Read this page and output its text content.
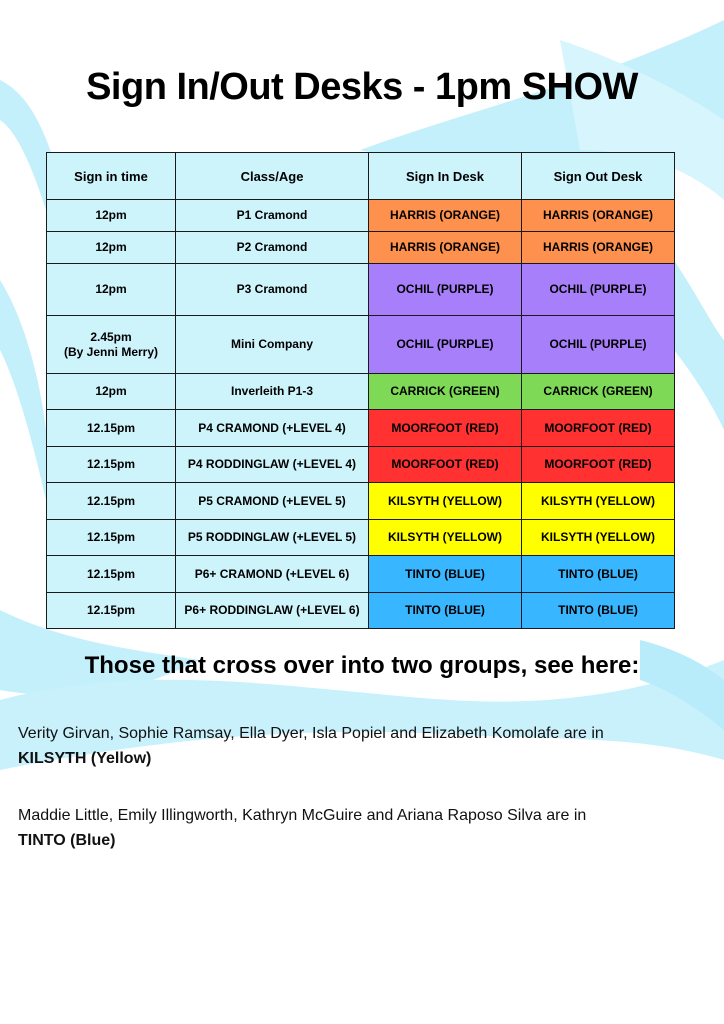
Sign In/Out Desks - 1pm SHOW
Sign in time	Class/Age	Sign In Desk	Sign Out Desk
12pm	P1 Cramond	HARRIS (ORANGE)	HARRIS (ORANGE)
12pm	P2 Cramond	HARRIS (ORANGE)	HARRIS (ORANGE)
12pm	P3 Cramond	OCHIL (PURPLE)	OCHIL (PURPLE)

2.45pm
(By Jenni Merry)	Mini Company	OCHIL (PURPLE)	OCHIL (PURPLE)
12pm	Inverleith P1-3	CARRICK (GREEN)	CARRICK (GREEN)
12.15pm	P4 CRAMOND (+LEVEL 4)	MOORFOOT (RED)	MOORFOOT (RED)
12.15pm	P4 RODDINGLAW (+LEVEL 4)	MOORFOOT (RED)	MOORFOOT (RED)
12.15pm	P5 CRAMOND (+LEVEL 5)	KILSYTH (YELLOW)	KILSYTH (YELLOW)
12.15pm	P5 RODDINGLAW (+LEVEL 5)	KILSYTH (YELLOW)	KILSYTH (YELLOW)
12.15pm	P6+ CRAMOND (+LEVEL 6)	TINTO (BLUE)	TINTO (BLUE)
12.15pm	P6+ RODDINGLAW (+LEVEL 6)	TINTO (BLUE)	TINTO (BLUE)
Those that cross over into two groups, see here:
Verity Girvan, Sophie Ramsay, Ella Dyer, Isla Popiel and Elizabeth Komolafe are in
KILSYTH (Yellow)
Maddie Little, Emily Illingworth, Kathryn McGuire and Ariana Raposo Silva are in
TINTO (Blue)
